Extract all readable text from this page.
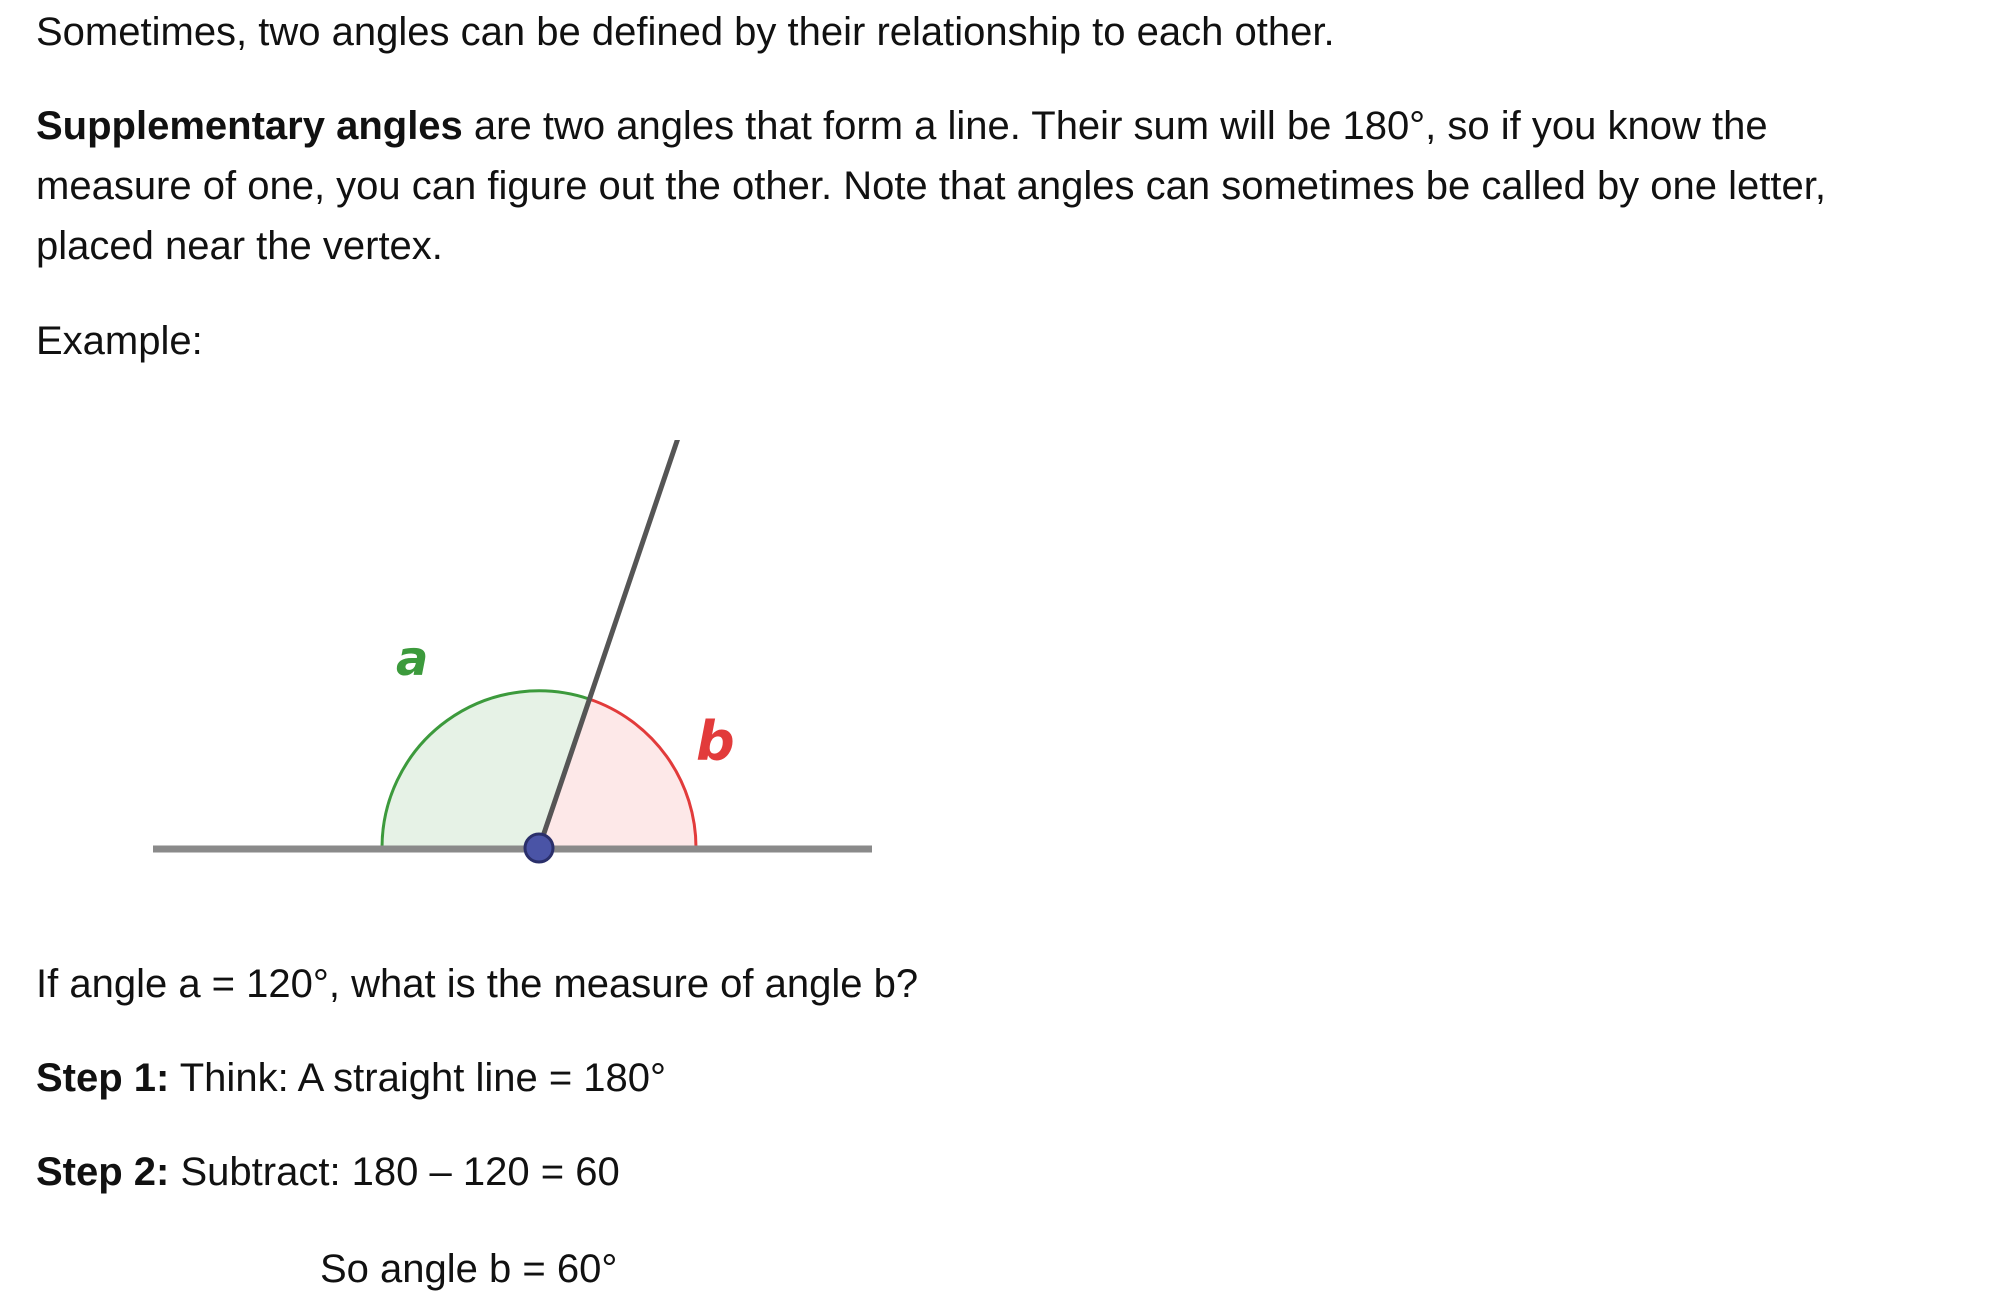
Sometimes, two angles can be defined by their relationship to each other.

Supplementary angles are two angles that form a line. Their sum will be 180°, so if you know the
measure of one, you can figure out the other. Note that angles can sometimes be called by one letter,
placed near the vertex.

Example:

a
b

If angle a = 120°, what is the measure of angle b?

Step 1: Think: A straight line = 180°

Step 2: Subtract: 180 – 120 = 60

So angle b = 60°
